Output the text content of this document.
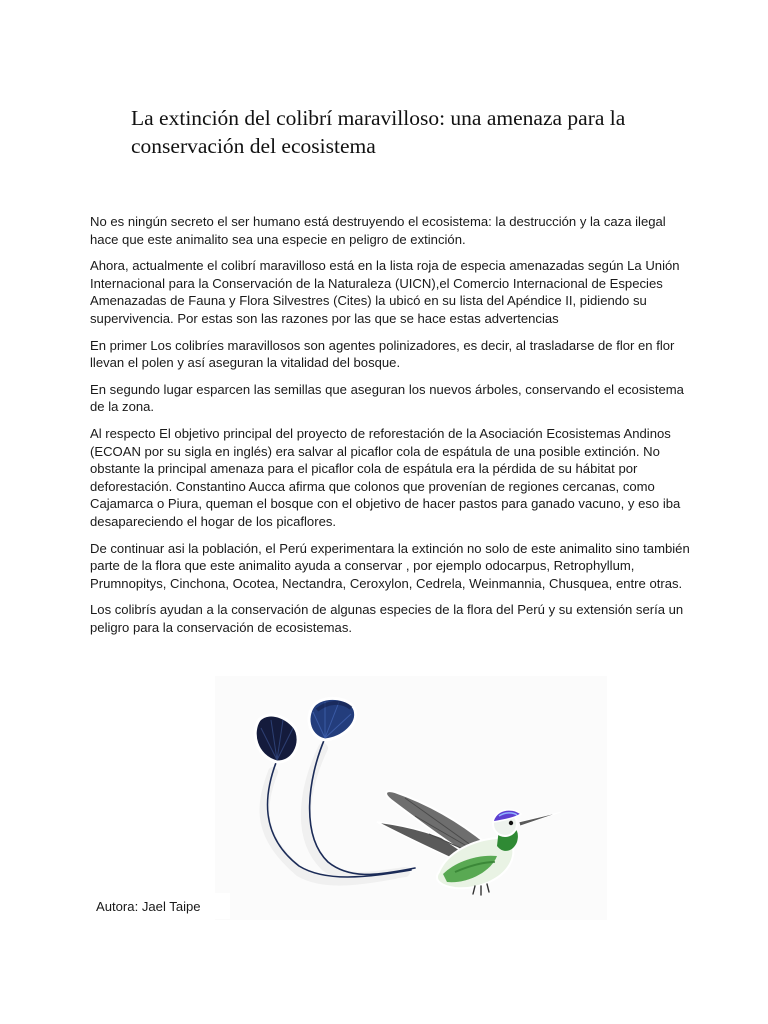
La extinción del colibrí maravilloso: una amenaza para la conservación del ecosistema

No es ningún secreto el ser humano está destruyendo el ecosistema: la destrucción y la caza ilegal hace que este animalito sea una especie en peligro de extinción.

Ahora, actualmente el colibrí maravilloso está en la lista roja de especia amenazadas según La Unión Internacional para la Conservación de la Naturaleza (UICN),el Comercio Internacional de Especies Amenazadas de Fauna y Flora Silvestres (Cites) la ubicó en su lista del Apéndice II, pidiendo su supervivencia. Por estas son las razones por las que se hace estas advertencias

En primer Los colibríes maravillosos son agentes polinizadores, es decir, al trasladarse de flor en flor llevan el polen y así aseguran la vitalidad del bosque.

En segundo lugar esparcen las semillas que aseguran los nuevos árboles, conservando el ecosistema de la zona.

Al respecto El objetivo principal del proyecto de reforestación de la Asociación Ecosistemas Andinos (ECOAN por su sigla en inglés) era salvar al picaflor cola de espátula de una posible extinción. No obstante la principal amenaza para el picaflor cola de espátula era la pérdida de su hábitat por deforestación. Constantino Aucca afirma que colonos que provenían de regiones cercanas, como Cajamarca o Piura, queman el bosque con el objetivo de hacer pastos para ganado vacuno, y eso iba desapareciendo el hogar de los picaflores.

De continuar asi la población, el Perú experimentara la extinción no solo de este animalito sino también parte de la flora que este animalito ayuda a conservar , por ejemplo odocarpus, Retrophyllum, Prumnopitys, Cinchona, Ocotea, Nectandra, Ceroxylon, Cedrela, Weinmannia, Chusquea, entre otras.

Los colibrís ayudan a la conservación de algunas especies de la flora del Perú y su extensión sería un peligro para la conservación de ecosistemas.

Autora: Jael Taipe
